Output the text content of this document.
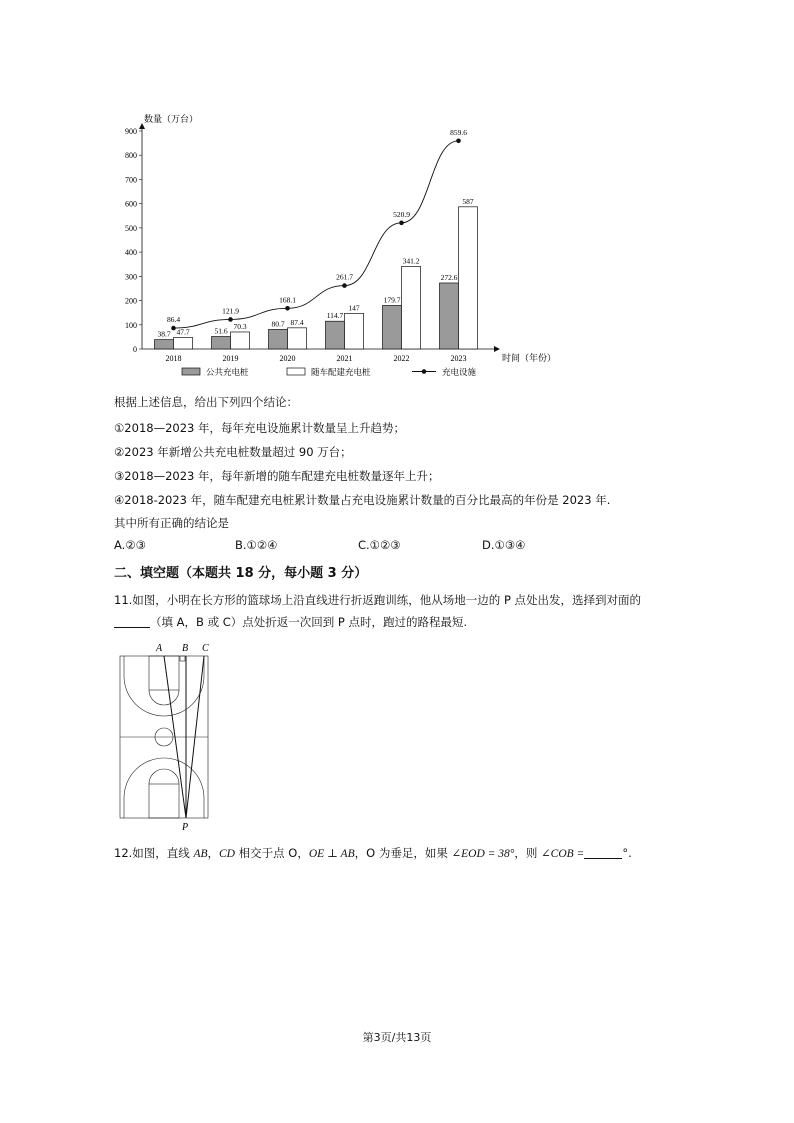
数量（万台）
时间（年份）
0
100
200
300
400
500
600
700
800
900
2018
38.7 47.7
2019
51.6
70.3
2020
80.7 87.4
2021
114.7
147
2022
179.7
341.2
2023
272.6
587
86.4
121.9
168.1
261.7
520.9
859.6
公共充电桩	随车配建充电桩	充电设施
根据上述信息，给出下列四个结论：
①2018—2023 年，每年充电设施累计数量呈上升趋势；
②2023 年新增公共充电桩数量超过 90 万台；
③2018—2023 年，每年新增的随车配建充电桩数量逐年上升；
④2018-2023 年，随车配建充电桩累计数量占充电设施累计数量的百分比最高的年份是 2023 年.
其中所有正确的结论是
A.②③	B.①②④	C.①②③	D.①③④
二、填空题（本题共 18 分，每小题 3 分）
11.如图，小明在长方形的篮球场上沿直线进行折返跑训练，他从场地一边的 P 点处出发，选择到对面的
（填 A，B 或 C）点处折返一次回到 P 点时，跑过的路程最短.
A B C
P
12.如图，直线 AB，CD 相交于点 O，OE ⊥ AB，O 为垂足，如果 ∠EOD = 38°，则 ∠COB =	°.
第3页/共13页
